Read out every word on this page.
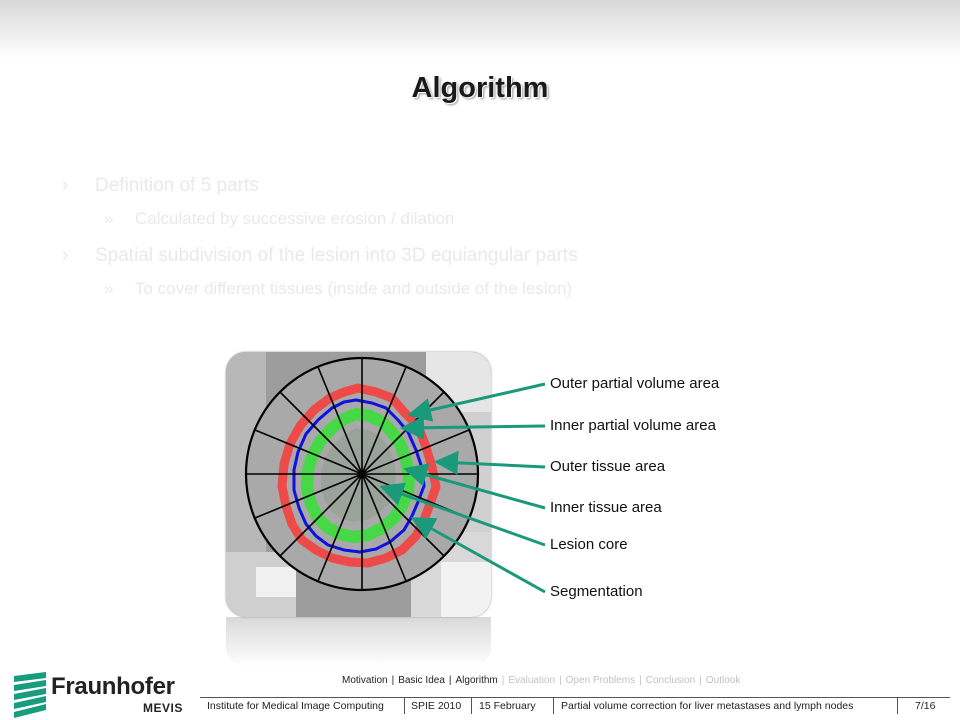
Algorithm
› Definition of 5 parts
» Calculated by successive erosion / dilation
› Spatial subdivision of the lesion into 3D equiangular parts
» To cover different tissues (inside and outside of the lesion)
Outer partial volume area
Inner partial volume area
Outer tissue area
Inner tissue area
Lesion core
Segmentation
Fraunhofer
MEVIS
Motivation | Basic Idea | Algorithm | Evaluation | Open Problems | Conclusion | Outlook
Institute for Medical Image Computing	SPIE 2010 15 February Partial volume correction for liver metastases and lymph nodes	7/16
